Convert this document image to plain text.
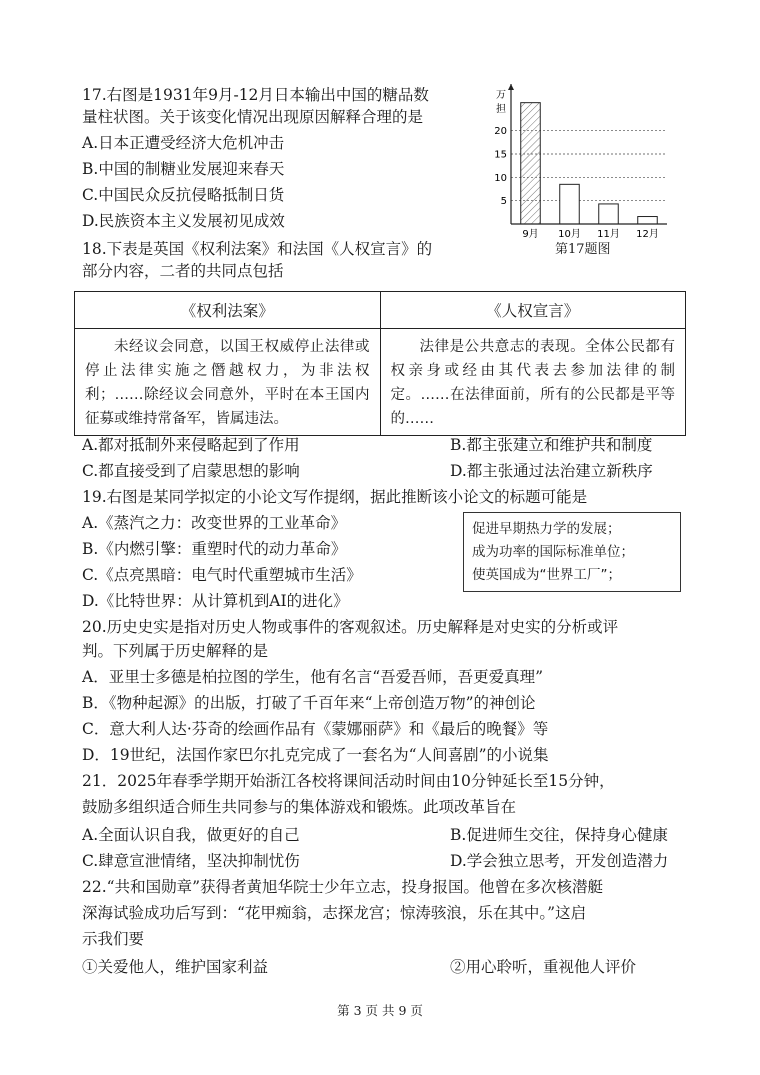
17.右图是1931年9月-12月日本输出中国的糖品数
量柱状图。关于该变化情况出现原因解释合理的是
A.日本正遭受经济大危机冲击
B.中国的制糖业发展迎来春天
C.中国民众反抗侵略抵制日货
D.民族资本主义发展初见成效
5
10
15
20
9月 10月 11月 12月
万
担
第17题图
18.下表是英国《权利法案》和法国《人权宣言》的
部分内容，二者的共同点包括
《权利法案》	《人权宣言》
未经议会同意，以国王权威停止法律或停止法律实施之僭越权力，为非法权利；……除经议会同意外，平时在本王国内征募或维持常备军，皆属违法。	法律是公共意志的表现。全体公民都有权亲身或经由其代表去参加法律的制定。……在法律面前，所有的公民都是平等的……
A.都对抵制外来侵略起到了作用	B.都主张建立和维护共和制度
C.都直接受到了启蒙思想的影响	D.都主张通过法治建立新秩序
19.右图是某同学拟定的小论文写作提纲，据此推断该小论文的标题可能是
A.《蒸汽之力：改变世界的工业革命》
B.《内燃引擎：重塑时代的动力革命》
C.《点亮黑暗：电气时代重塑城市生活》
D.《比特世界：从计算机到AI的进化》
促进早期热力学的发展；
成为功率的国际标准单位；
使英国成为“世界工厂”；
20.历史史实是指对历史人物或事件的客观叙述。历史解释是对史实的分析或评
判。下列属于历史解释的是
A．亚里士多德是柏拉图的学生，他有名言“吾爱吾师，吾更爱真理”
B．《物种起源》的出版，打破了千百年来“上帝创造万物”的神创论
C．意大利人达·芬奇的绘画作品有《蒙娜丽萨》和《最后的晚餐》等
D．19世纪，法国作家巴尔扎克完成了一套名为“人间喜剧”的小说集
21．2025年春季学期开始浙江各校将课间活动时间由10分钟延长至15分钟，
鼓励多组织适合师生共同参与的集体游戏和锻炼。此项改革旨在
A.全面认识自我，做更好的自己	B.促进师生交往，保持身心健康
C.肆意宣泄情绪，坚决抑制忧伤	D.学会独立思考，开发创造潜力
22.“共和国勋章”获得者黄旭华院士少年立志，投身报国。他曾在多次核潜艇
深海试验成功后写到：“花甲痴翁，志探龙宫；惊涛骇浪，乐在其中。”这启
示我们要
①关爱他人，维护国家利益	②用心聆听，重视他人评价
第 3 页 共 9 页
